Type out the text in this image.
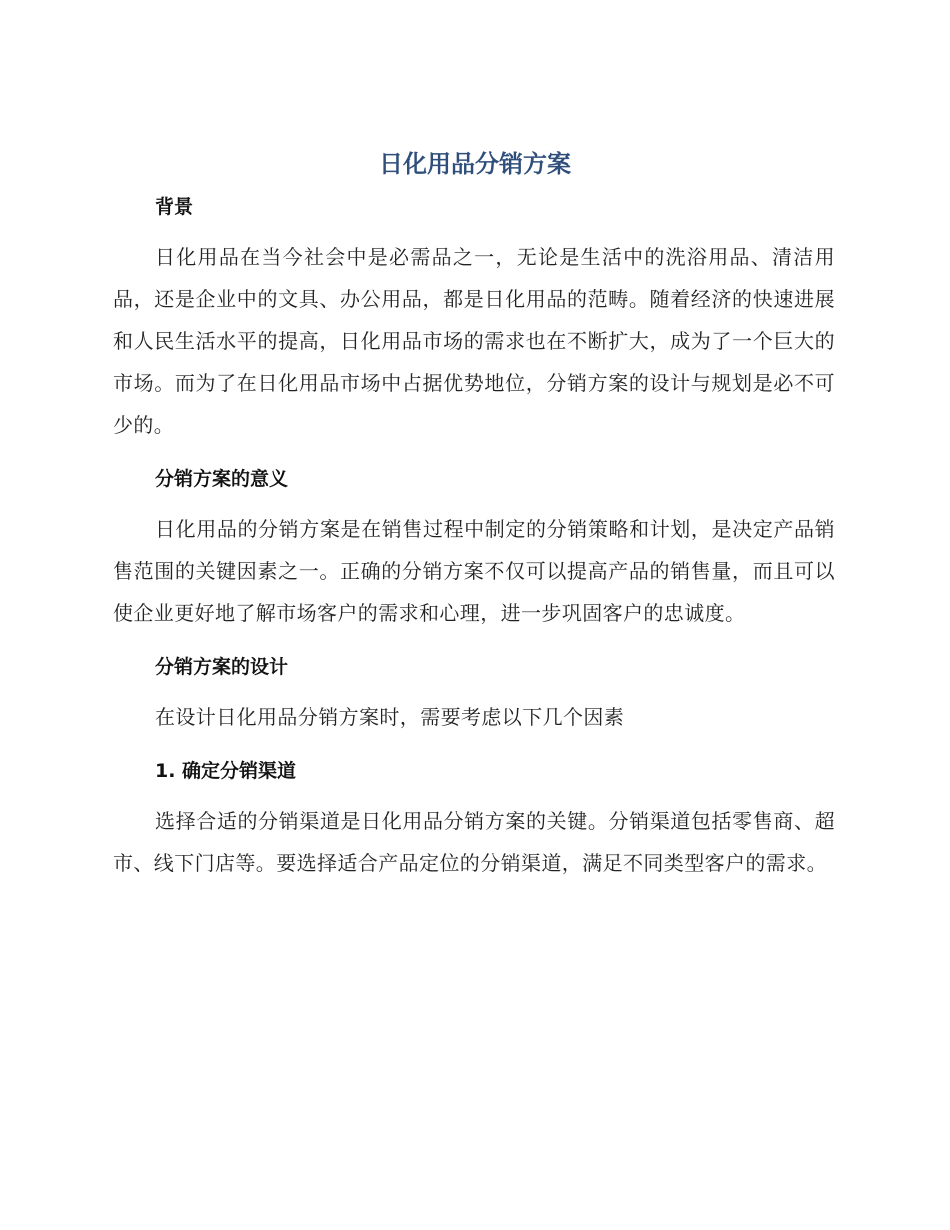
日化用品分销方案
背景

日化用品在当今社会中是必需品之一，无论是生活中的洗浴用品、清洁用品，还是企业中的文具、办公用品，都是日化用品的范畴。随着经济的快速进展和人民生活水平的提高，日化用品市场的需求也在不断扩大，成为了一个巨大的市场。而为了在日化用品市场中占据优势地位，分销方案的设计与规划是必不可少的。

分销方案的意义

日化用品的分销方案是在销售过程中制定的分销策略和计划，是决定产品销售范围的关键因素之一。正确的分销方案不仅可以提高产品的销售量，而且可以使企业更好地了解市场客户的需求和心理，进一步巩固客户的忠诚度。

分销方案的设计

在设计日化用品分销方案时，需要考虑以下几个因素

1. 确定分销渠道

选择合适的分销渠道是日化用品分销方案的关键。分销渠道包括零售商、超市、线下门店等。要选择适合产品定位的分销渠道，满足不同类型客户的需求。
